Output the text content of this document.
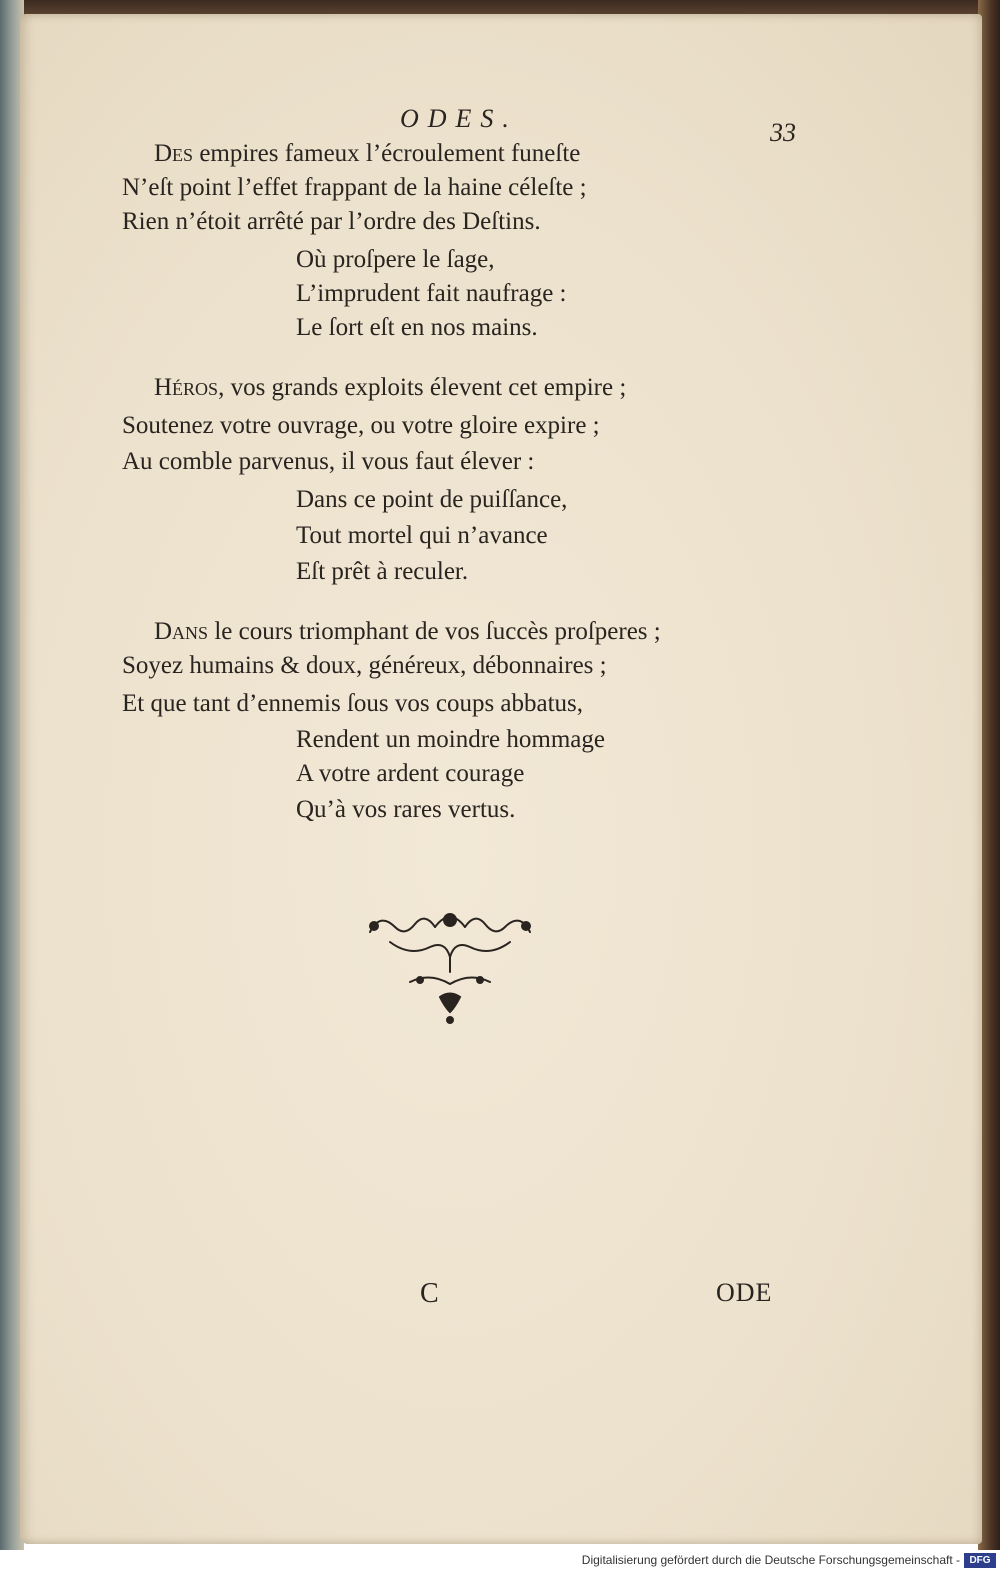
ODES.	33
Des empires fameux l’écroulement funeſte
N’eſt point l’effet frappant de la haine céleſte ;
Rien n’étoit arrêté par l’ordre des Deſtins.
Où proſpere le ſage,
L’imprudent fait naufrage :
Le ſort eſt en nos mains.
Héros, vos grands exploits élevent cet empire ;
Soutenez votre ouvrage, ou votre gloire expire ;
Au comble parvenus, il vous faut élever :
Dans ce point de puiſſance,
Tout mortel qui n’avance
Eſt prêt à reculer.
Dans le cours triomphant de vos ſuccès proſperes ;
Soyez humains & doux, généreux, débonnaires ;
Et que tant d’ennemis ſous vos coups abbatus,
Rendent un moindre hommage
A votre ardent courage
Qu’à vos rares vertus.
C	ODE
Digitalisierung gefördert durch die Deutsche Forschungsgemeinschaft - DFG
